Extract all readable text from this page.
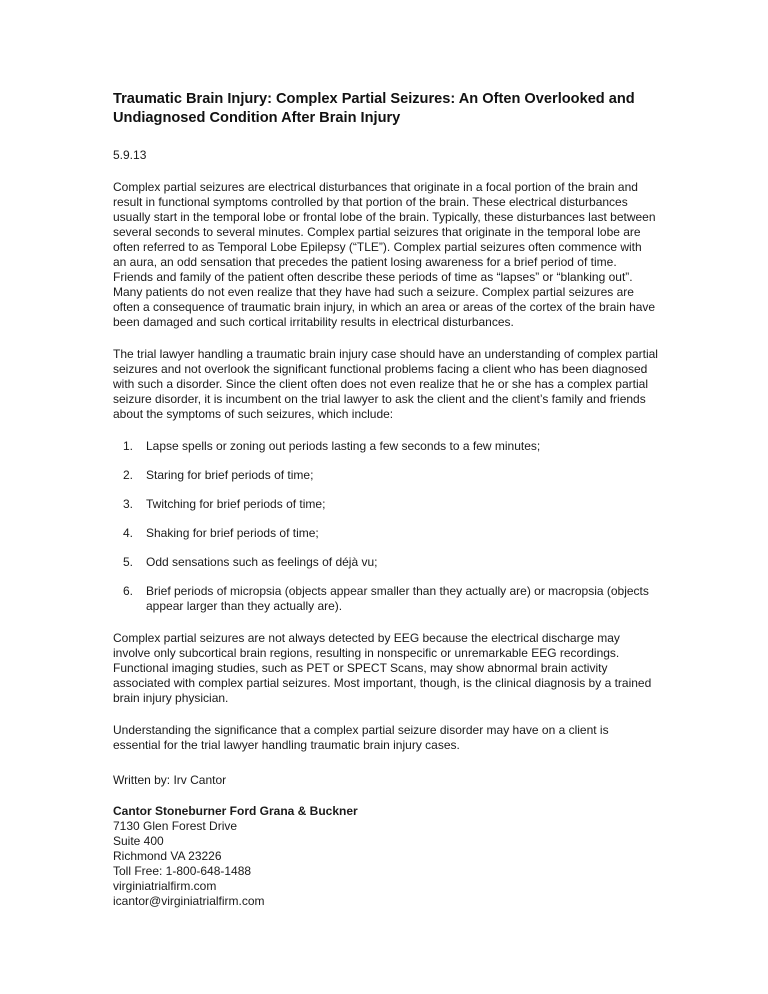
Traumatic Brain Injury: Complex Partial Seizures: An Often Overlooked and Undiagnosed Condition After Brain Injury

5.9.13

Complex partial seizures are electrical disturbances that originate in a focal portion of the brain and result in functional symptoms controlled by that portion of the brain. These electrical disturbances usually start in the temporal lobe or frontal lobe of the brain. Typically, these disturbances last between several seconds to several minutes. Complex partial seizures that originate in the temporal lobe are often referred to as Temporal Lobe Epilepsy (“TLE”). Complex partial seizures often commence with an aura, an odd sensation that precedes the patient losing awareness for a brief period of time. Friends and family of the patient often describe these periods of time as “lapses” or “blanking out”. Many patients do not even realize that they have had such a seizure. Complex partial seizures are often a consequence of traumatic brain injury, in which an area or areas of the cortex of the brain have been damaged and such cortical irritability results in electrical disturbances.

The trial lawyer handling a traumatic brain injury case should have an understanding of complex partial seizures and not overlook the significant functional problems facing a client who has been diagnosed with such a disorder. Since the client often does not even realize that he or she has a complex partial seizure disorder, it is incumbent on the trial lawyer to ask the client and the client’s family and friends about the symptoms of such seizures, which include:

1.	Lapse spells or zoning out periods lasting a few seconds to a few minutes;
2.	Staring for brief periods of time;
3.	Twitching for brief periods of time;
4.	Shaking for brief periods of time;
5.	Odd sensations such as feelings of déjà vu;
6.	Brief periods of micropsia (objects appear smaller than they actually are) or macropsia (objects appear larger than they actually are).

Complex partial seizures are not always detected by EEG because the electrical discharge may involve only subcortical brain regions, resulting in nonspecific or unremarkable EEG recordings. Functional imaging studies, such as PET or SPECT Scans, may show abnormal brain activity associated with complex partial seizures. Most important, though, is the clinical diagnosis by a trained brain injury physician.

Understanding the significance that a complex partial seizure disorder may have on a client is essential for the trial lawyer handling traumatic brain injury cases.

Written by: Irv Cantor

Cantor Stoneburner Ford Grana & Buckner
7130 Glen Forest Drive
Suite 400
Richmond VA 23226
Toll Free: 1-800-648-1488
virginiatrialfirm.com
icantor@virginiatrialfirm.com
